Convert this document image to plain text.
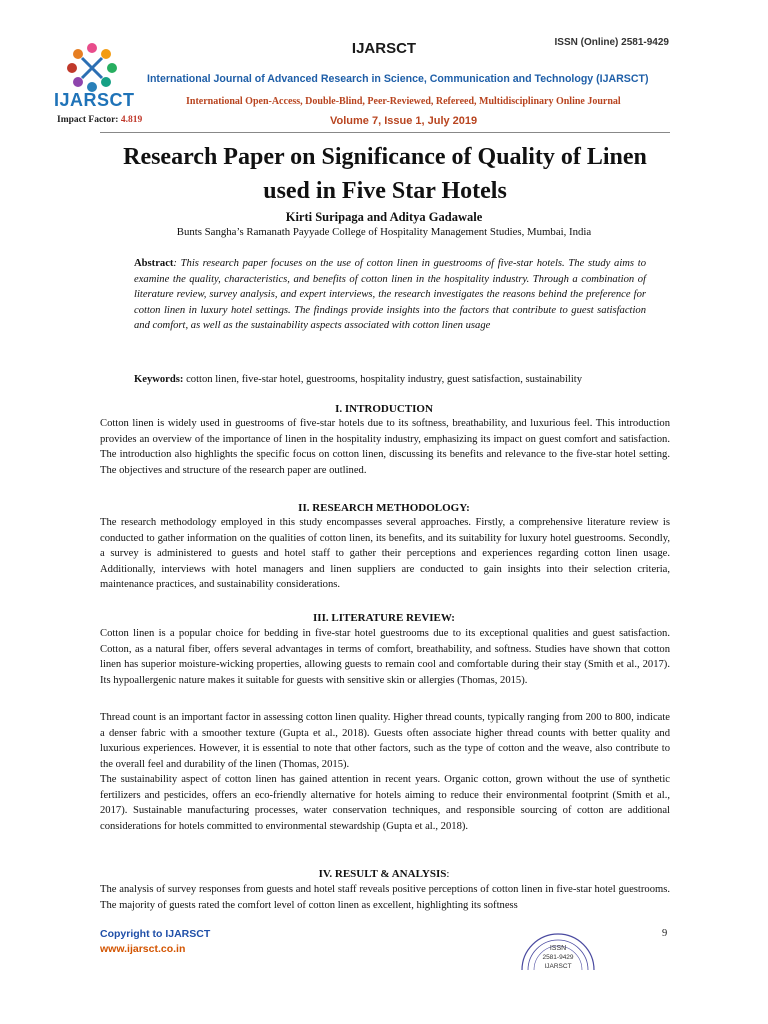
IJARSCT
IJARSCT	ISSN (Online) 2581-9429
International Journal of Advanced Research in Science, Communication and Technology (IJARSCT)
International Open-Access, Double-Blind, Peer-Reviewed, Refereed, Multidisciplinary Online Journal
Impact Factor: 4.819	Volume 7, Issue 1, July 2019
Research Paper on Significance of Quality of Linen
used in Five Star Hotels
Kirti Suripaga and Aditya Gadawale
Bunts Sangha’s Ramanath Payyade College of Hospitality Management Studies, Mumbai, India
Abstract: This research paper focuses on the use of cotton linen in guestrooms of five-star hotels. The study aims to examine the quality, characteristics, and benefits of cotton linen in the hospitality industry. Through a combination of literature review, survey analysis, and expert interviews, the research investigates the reasons behind the preference for cotton linen in luxury hotel settings. The findings provide insights into the factors that contribute to guest satisfaction and comfort, as well as the sustainability aspects associated with cotton linen usage
Keywords: cotton linen, five-star hotel, guestrooms, hospitality industry, guest satisfaction, sustainability
I. INTRODUCTION

Cotton linen is widely used in guestrooms of five-star hotels due to its softness, breathability, and luxurious feel. This introduction provides an overview of the importance of linen in the hospitality industry, emphasizing its impact on guest comfort and satisfaction. The introduction also highlights the specific focus on cotton linen, discussing its benefits and relevance to the five-star hotel setting. The objectives and structure of the research paper are outlined.

II. RESEARCH METHODOLOGY:

The research methodology employed in this study encompasses several approaches. Firstly, a comprehensive literature review is conducted to gather information on the qualities of cotton linen, its benefits, and its suitability for luxury hotel guestrooms. Secondly, a survey is administered to guests and hotel staff to gather their perceptions and experiences regarding cotton linen usage. Additionally, interviews with hotel managers and linen suppliers are conducted to gain insights into their selection criteria, maintenance practices, and sustainability considerations.

III. LITERATURE REVIEW:

Cotton linen is a popular choice for bedding in five-star hotel guestrooms due to its exceptional qualities and guest satisfaction. Cotton, as a natural fiber, offers several advantages in terms of comfort, breathability, and softness. Studies have shown that cotton linen has superior moisture-wicking properties, allowing guests to remain cool and comfortable during their stay (Smith et al., 2017). Its hypoallergenic nature makes it suitable for guests with sensitive skin or allergies (Thomas, 2015).

Thread count is an important factor in assessing cotton linen quality. Higher thread counts, typically ranging from 200 to 800, indicate a denser fabric with a smoother texture (Gupta et al., 2018). Guests often associate higher thread counts with better quality and luxurious experiences. However, it is essential to note that other factors, such as the type of cotton and the weave, also contribute to the overall feel and durability of the linen (Thomas, 2015).

The sustainability aspect of cotton linen has gained attention in recent years. Organic cotton, grown without the use of synthetic fertilizers and pesticides, offers an eco-friendly alternative for hotels aiming to reduce their environmental footprint (Smith et al., 2017). Sustainable manufacturing processes, water conservation techniques, and responsible sourcing of cotton are additional considerations for hotels committed to environmental stewardship (Gupta et al., 2018).

IV. RESULT & ANALYSIS:

The analysis of survey responses from guests and hotel staff reveals positive perceptions of cotton linen in five-star hotel guestrooms. The majority of guests rated the comfort level of cotton linen as excellent, highlighting its softness

Copyright to IJARSCT
www.ijarsct.co.in
9
ISSN
2581-9429
IJARSCT
